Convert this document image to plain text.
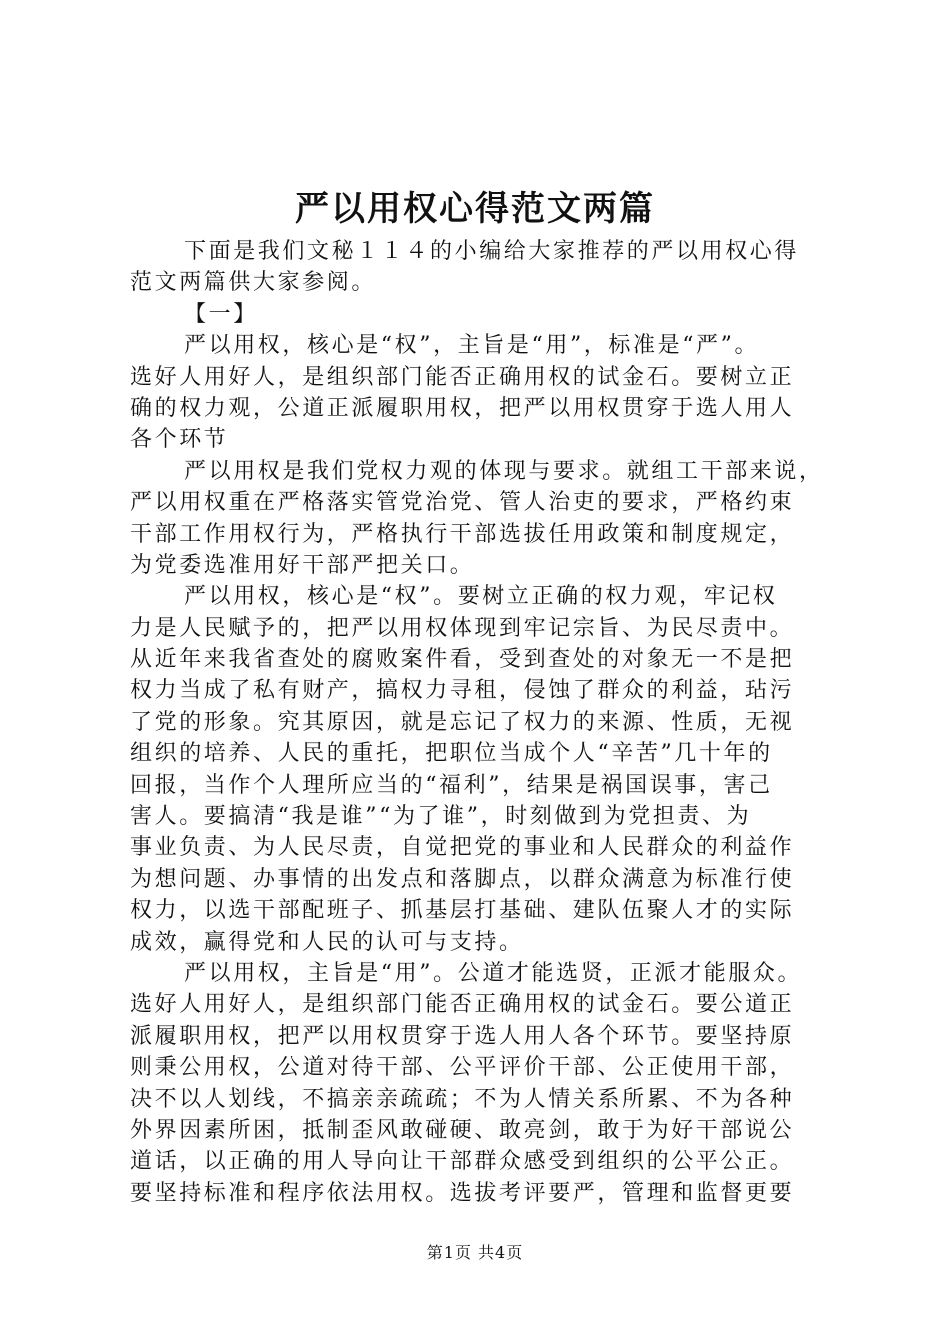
严以用权心得范文两篇
下面是我们文秘１１４的小编给大家推荐的严以用权心得
范文两篇供大家参阅。
【一】
严以用权，核心是“权”，主旨是“用”，标准是“严”。
选好人用好人，是组织部门能否正确用权的试金石。要树立正
确的权力观，公道正派履职用权，把严以用权贯穿于选人用人
各个环节
严以用权是我们党权力观的体现与要求。就组工干部来说，
严以用权重在严格落实管党治党、管人治吏的要求，严格约束
干部工作用权行为，严格执行干部选拔任用政策和制度规定，
为党委选准用好干部严把关口。
严以用权，核心是“权”。要树立正确的权力观，牢记权
力是人民赋予的，把严以用权体现到牢记宗旨、为民尽责中。
从近年来我省查处的腐败案件看，受到查处的对象无一不是把
权力当成了私有财产，搞权力寻租，侵蚀了群众的利益，玷污
了党的形象。究其原因，就是忘记了权力的来源、性质，无视
组织的培养、人民的重托，把职位当成个人“辛苦”几十年的
回报，当作个人理所应当的“福利”，结果是祸国误事，害己
害人。要搞清“我是谁”“为了谁”，时刻做到为党担责、为
事业负责、为人民尽责，自觉把党的事业和人民群众的利益作
为想问题、办事情的出发点和落脚点，以群众满意为标准行使
权力，以选干部配班子、抓基层打基础、建队伍聚人才的实际
成效，赢得党和人民的认可与支持。
严以用权，主旨是“用”。公道才能选贤，正派才能服众。
选好人用好人，是组织部门能否正确用权的试金石。要公道正
派履职用权，把严以用权贯穿于选人用人各个环节。要坚持原
则秉公用权，公道对待干部、公平评价干部、公正使用干部，
决不以人划线，不搞亲亲疏疏；不为人情关系所累、不为各种
外界因素所困，抵制歪风敢碰硬、敢亮剑，敢于为好干部说公
道话，以正确的用人导向让干部群众感受到组织的公平公正。
要坚持标准和程序依法用权。选拔考评要严，管理和监督更要
第1页 共4页
